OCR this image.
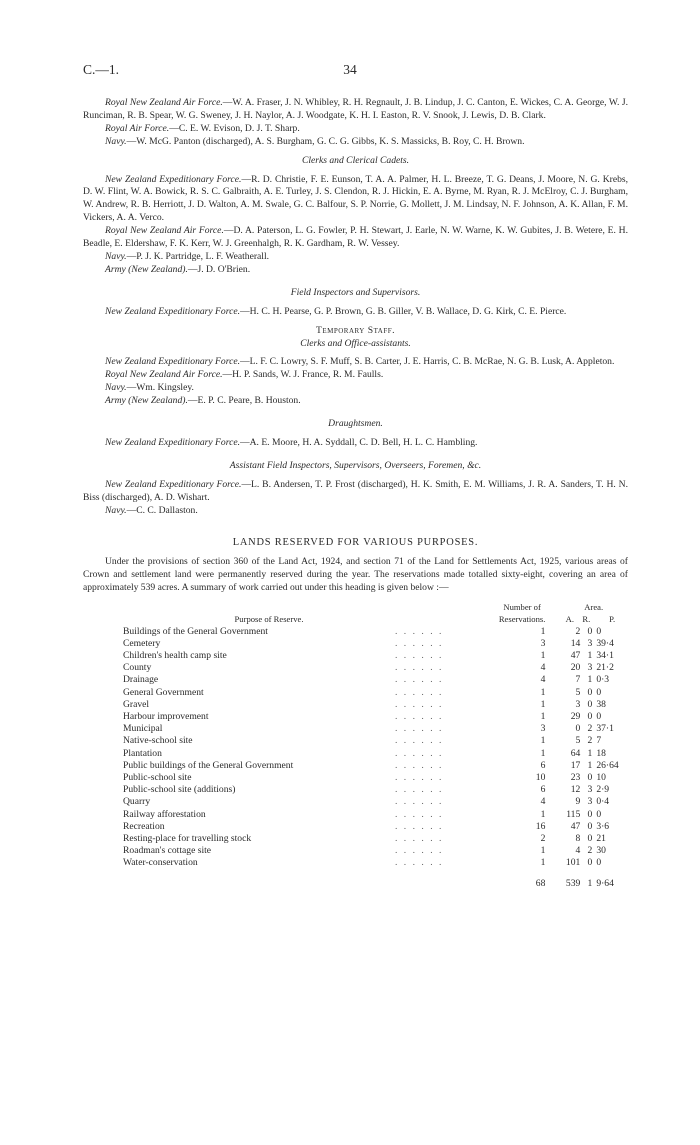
C.—1.	34

Royal New Zealand Air Force.—W. A. Fraser, J. N. Whibley, R. H. Regnault, J. B. Lindup, J. C. Canton, E. Wickes, C. A. George, W. J. Runciman, R. B. Spear, W. G. Sweney, J. H. Naylor, A. J. Woodgate, K. H. I. Easton, R. V. Snook, J. Lewis, D. B. Clark.

Royal Air Force.—C. E. W. Evison, D. J. T. Sharp.

Navy.—W. McG. Panton (discharged), A. S. Burgham, G. C. G. Gibbs, K. S. Massicks, B. Roy, C. H. Brown.

Clerks and Clerical Cadets.

New Zealand Expeditionary Force.—R. D. Christie, F. E. Eunson, T. A. A. Palmer, H. L. Breeze, T. G. Deans, J. Moore, N. G. Krebs, D. W. Flint, W. A. Bowick, R. S. C. Galbraith, A. E. Turley, J. S. Clendon, R. J. Hickin, E. A. Byrne, M. Ryan, R. J. McElroy, C. J. Burgham, W. Andrew, R. B. Herriott, J. D. Walton, A. M. Swale, G. C. Balfour, S. P. Norrie, G. Mollett, J. M. Lindsay, N. F. Johnson, A. K. Allan, F. M. Vickers, A. A. Verco.

Royal New Zealand Air Force.—D. A. Paterson, L. G. Fowler, P. H. Stewart, J. Earle, N. W. Warne, K. W. Gubites, J. B. Wetere, E. H. Beadle, E. Eldershaw, F. K. Kerr, W. J. Greenhalgh, R. K. Gardham, R. W. Vessey.

Navy.—P. J. K. Partridge, L. F. Weatherall.

Army (New Zealand).—J. D. O'Brien.

Field Inspectors and Supervisors.

New Zealand Expeditionary Force.—H. C. H. Pearse, G. P. Brown, G. B. Giller, V. B. Wallace, D. G. Kirk, C. E. Pierce.

Temporary Staff.

Clerks and Office-assistants.

New Zealand Expeditionary Force.—L. F. C. Lowry, S. F. Muff, S. B. Carter, J. E. Harris, C. B. McRae, N. G. B. Lusk, A. Appleton.

Royal New Zealand Air Force.—H. P. Sands, W. J. France, R. M. Faulls.

Navy.—Wm. Kingsley.

Army (New Zealand).—E. P. C. Peare, B. Houston.

Draughtsmen.

New Zealand Expeditionary Force.—A. E. Moore, H. A. Syddall, C. D. Bell, H. L. C. Hambling.

Assistant Field Inspectors, Supervisors, Overseers, Foremen, &c.

New Zealand Expeditionary Force.—L. B. Andersen, T. P. Frost (discharged), H. K. Smith, E. M. Williams, J. R. A. Sanders, T. H. N. Biss (discharged), A. D. Wishart.

Navy.—C. C. Dallaston.

LANDS RESERVED FOR VARIOUS PURPOSES.

Under the provisions of section 360 of the Land Act, 1924, and section 71 of the Land for Settlements Act, 1925, various areas of Crown and settlement land were permanently reserved during the year. The reservations made totalled sixty-eight, covering an area of approximately 539 acres. A summary of work carried out under this heading is given below :—

		Number of	Area.		
Purpose of Reserve.		Reservations.	A.	R.	P.
Buildings of the General Government	. . . . . .	1	2	0	0
Cemetery	. . . . . .	3	14	3	39·4
Children's health camp site	. . . . . .	1	47	1	34·1
County	. . . . . .	4	20	3	21·2
Drainage	. . . . . .	4	7	1	0·3
General Government	. . . . . .	1	5	0	0
Gravel	. . . . . .	1	3	0	38
Harbour improvement	. . . . . .	1	29	0	0
Municipal	. . . . . .	3	0	2	37·1
Native-school site	. . . . . .	1	5	2	7
Plantation	. . . . . .	1	64	1	18
Public buildings of the General Government	. . . . . .	6	17	1	26·64
Public-school site	. . . . . .	10	23	0	10
Public-school site (additions)	. . . . . .	6	12	3	2·9
Quarry	. . . . . .	4	9	3	0·4
Railway afforestation	. . . . . .	1	115	0	0
Recreation	. . . . . .	16	47	0	3·6
Resting-place for travelling stock	. . . . . .	2	8	0	21
Roadman's cottage site	. . . . . .	1	4	2	30
Water-conservation	. . . . . .	1	101	0	0

		68	539	1	9·64
